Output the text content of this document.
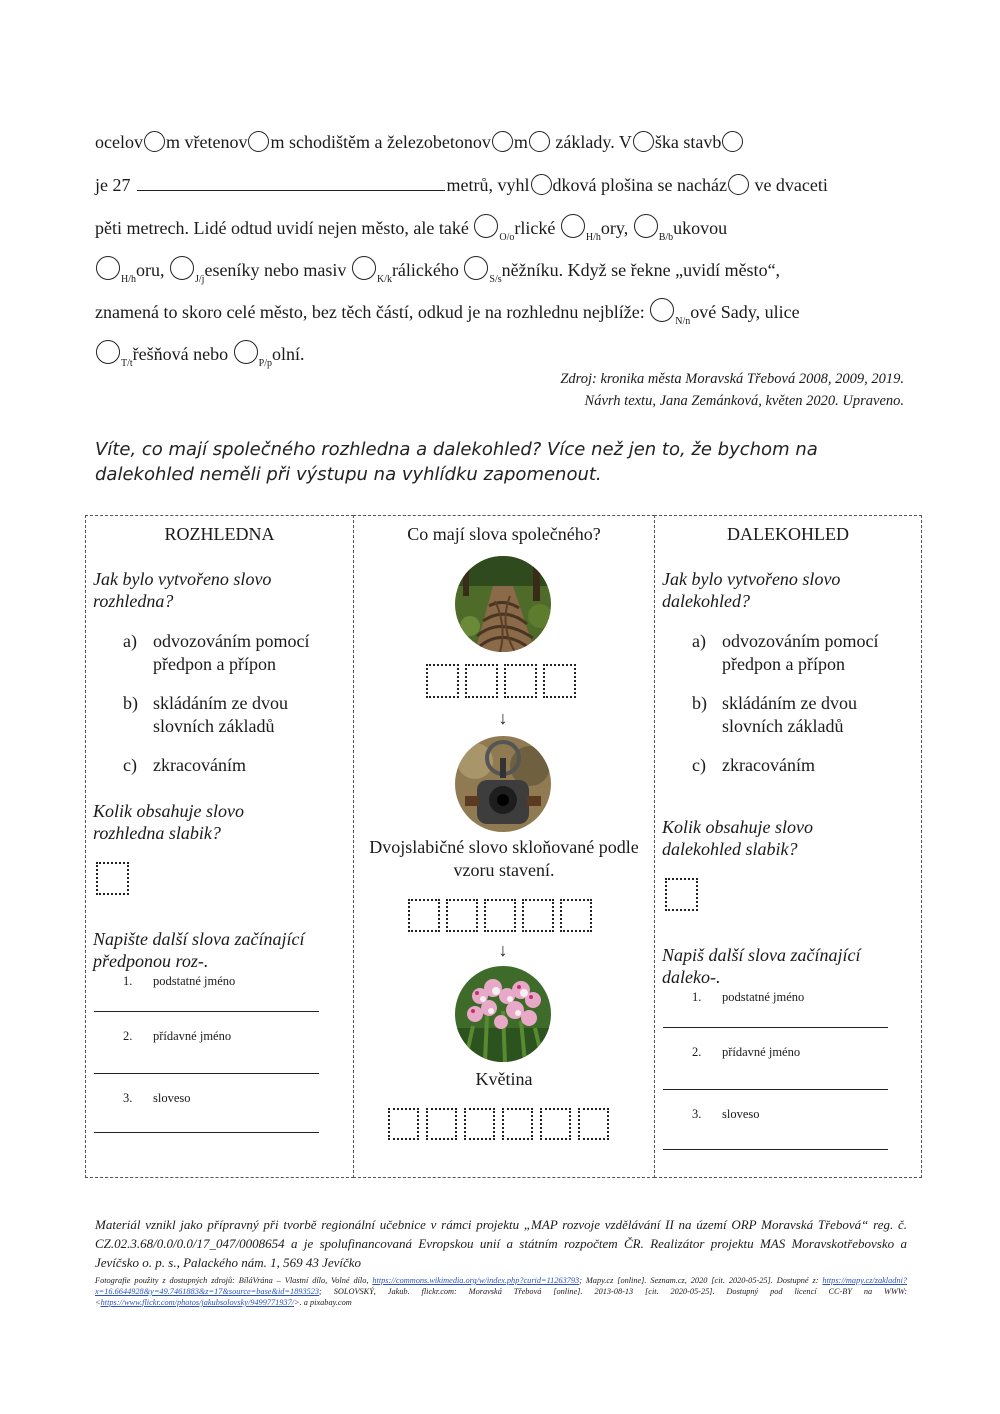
ocelov m vřetenov m schodištěm a železobetonov m základy. V ška stavb
je 27	metrů, vyhl dková plošina se nacház ve dvaceti
pěti metrech. Lidé odtud uvidí nejen město, ale také	$_{O/o}$rlické	$_{H/h}$ory,	$_{B/b}$ukovou
$_{H/h}$oru,	$_{J/j}$eseníky nebo masiv	$_{K/k}$rálického	$_{S/s}$něžníku. Když se řekne „uvidí město“,
znamená to skoro celé město, bez těch částí, odkud je na rozhlednu nejblíže:	$_{N/n}$ové Sady, ulice
$_{T/t}$řešňová nebo	$_{P/p}$olní.
Zdroj: kronika města Moravská Třebová 2008, 2009, 2019.
Návrh textu, Jana Zemánková, květen 2020. Upraveno.
Víte, co mají společného rozhledna a dalekohled? Více než jen to, že bychom na dalekohled neměli při výstupu na vyhlídku zapomenout.
ROZHLEDNA
Jak bylo vytvořeno slovo rozhledna?
a) odvozováním pomocí předpon a přípon
b) skládáním ze dvou slovních základů
c) zkracováním
Kolik obsahuje slovo rozhledna slabik?
Napište další slova začínající předponou roz-.
1. podstatné jméno
2. přídavné jméno
3. sloveso
Co mají slova společného?
↓
Dvojslabičné slovo skloňované podle vzoru stavení.
↓
Květina
DALEKOHLED
Jak bylo vytvořeno slovo dalekohled?
a) odvozováním pomocí předpon a přípon
b) skládáním ze dvou slovních základů
c) zkracováním
Kolik obsahuje slovo dalekohled slabik?
Napiš další slova začínající daleko-.
1. podstatné jméno
2. přídavné jméno
3. sloveso
Materiál vznikl jako přípravný při tvorbě regionální učebnice v rámci projektu „MAP rozvoje vzdělávání II na území ORP Moravská Třebová“ reg. č. CZ.02.3.68/0.0/0.0/17_047/0008654 a je spolufinancovaná Evropskou unií a státním rozpočtem ČR. Realizátor projektu MAS Moravskotřebovsko a Jevíčsko o. p. s., Palackého nám. 1, 569 43 Jevíčko
Fotografie použity z dostupných zdrojů: BíláVrána – Vlastní dílo, Volné dílo, https://commons.wikimedia.org/w/index.php?curid=11263793; Mapy.cz [online]. Seznam.cz, 2020 [cit. 2020-05-25]. Dostupné z: https://mapy.cz/zakladni?x=16.6644928&y=49.7461883&z=17&source=base&id=1893523; SOLOVSKÝ, Jakub. flickr.com: Moravská Třebová [online]. 2013-08-13 [cit. 2020-05-25]. Dostupný pod licencí CC-BY na WWW: <https://www.flickr.com/photos/jakubsolovsky/9499771937/>. a pixabay.com
